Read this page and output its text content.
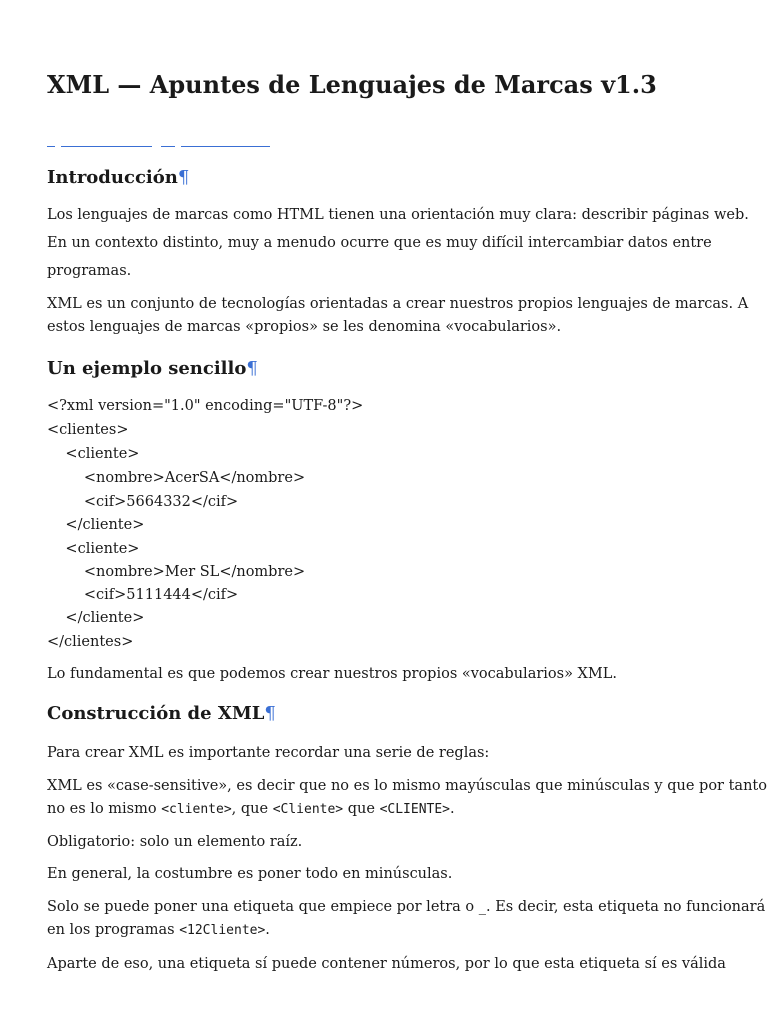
XML — Apuntes de Lenguajes de Marcas v1.3
Introducción¶

Los lenguajes de marcas como HTML tienen una orientación muy clara: describir páginas web.

En un contexto distinto, muy a menudo ocurre que es muy difícil intercambiar datos entre

programas.

XML es un conjunto de tecnologías orientadas a crear nuestros propios lenguajes de marcas. A

estos lenguajes de marcas «propios» se les denomina «vocabularios».

Un ejemplo sencillo¶
<?xml version="1.0" encoding="UTF-8"?>
<clientes>
<cliente>
<nombre>AcerSA</nombre>
<cif>5664332</cif>
</cliente>
<cliente>
<nombre>Mer SL</nombre>
<cif>5111444</cif>
</cliente>
</clientes>

Lo fundamental es que podemos crear nuestros propios «vocabularios» XML.

Construcción de XML¶

Para crear XML es importante recordar una serie de reglas:

XML es «case-sensitive», es decir que no es lo mismo mayúsculas que minúsculas y que por tanto

no es lo mismo <cliente>, que <Cliente> que <CLIENTE>.

Obligatorio: solo un elemento raíz.

En general, la costumbre es poner todo en minúsculas.

Solo se puede poner una etiqueta que empiece por letra o _. Es decir, esta etiqueta no funcionará

en los programas <12Cliente>.

Aparte de eso, una etiqueta sí puede contener números, por lo que esta etiqueta sí es válida
